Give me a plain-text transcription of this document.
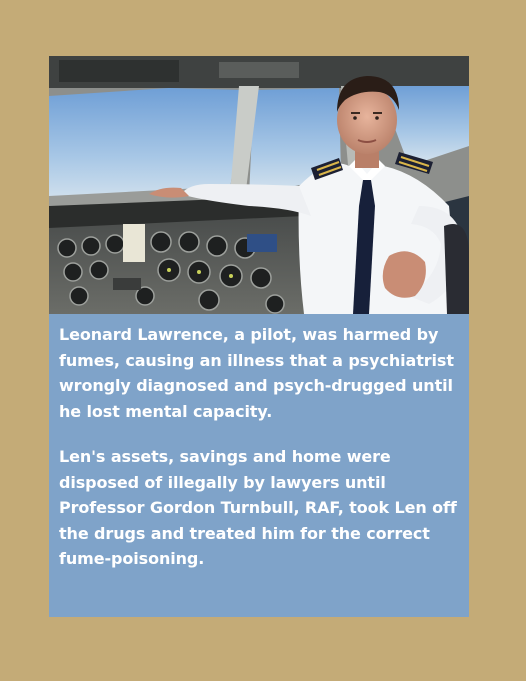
Leonard Lawrence, a pilot, was harmed by fumes, causing an illness that a psychiatrist wrongly diagnosed and psych-drugged until he lost mental capacity.

Len's assets, savings and home were disposed of illegally by lawyers until Professor Gordon Turnbull, RAF, took Len off the drugs and treated him for the correct fume-poisoning.
